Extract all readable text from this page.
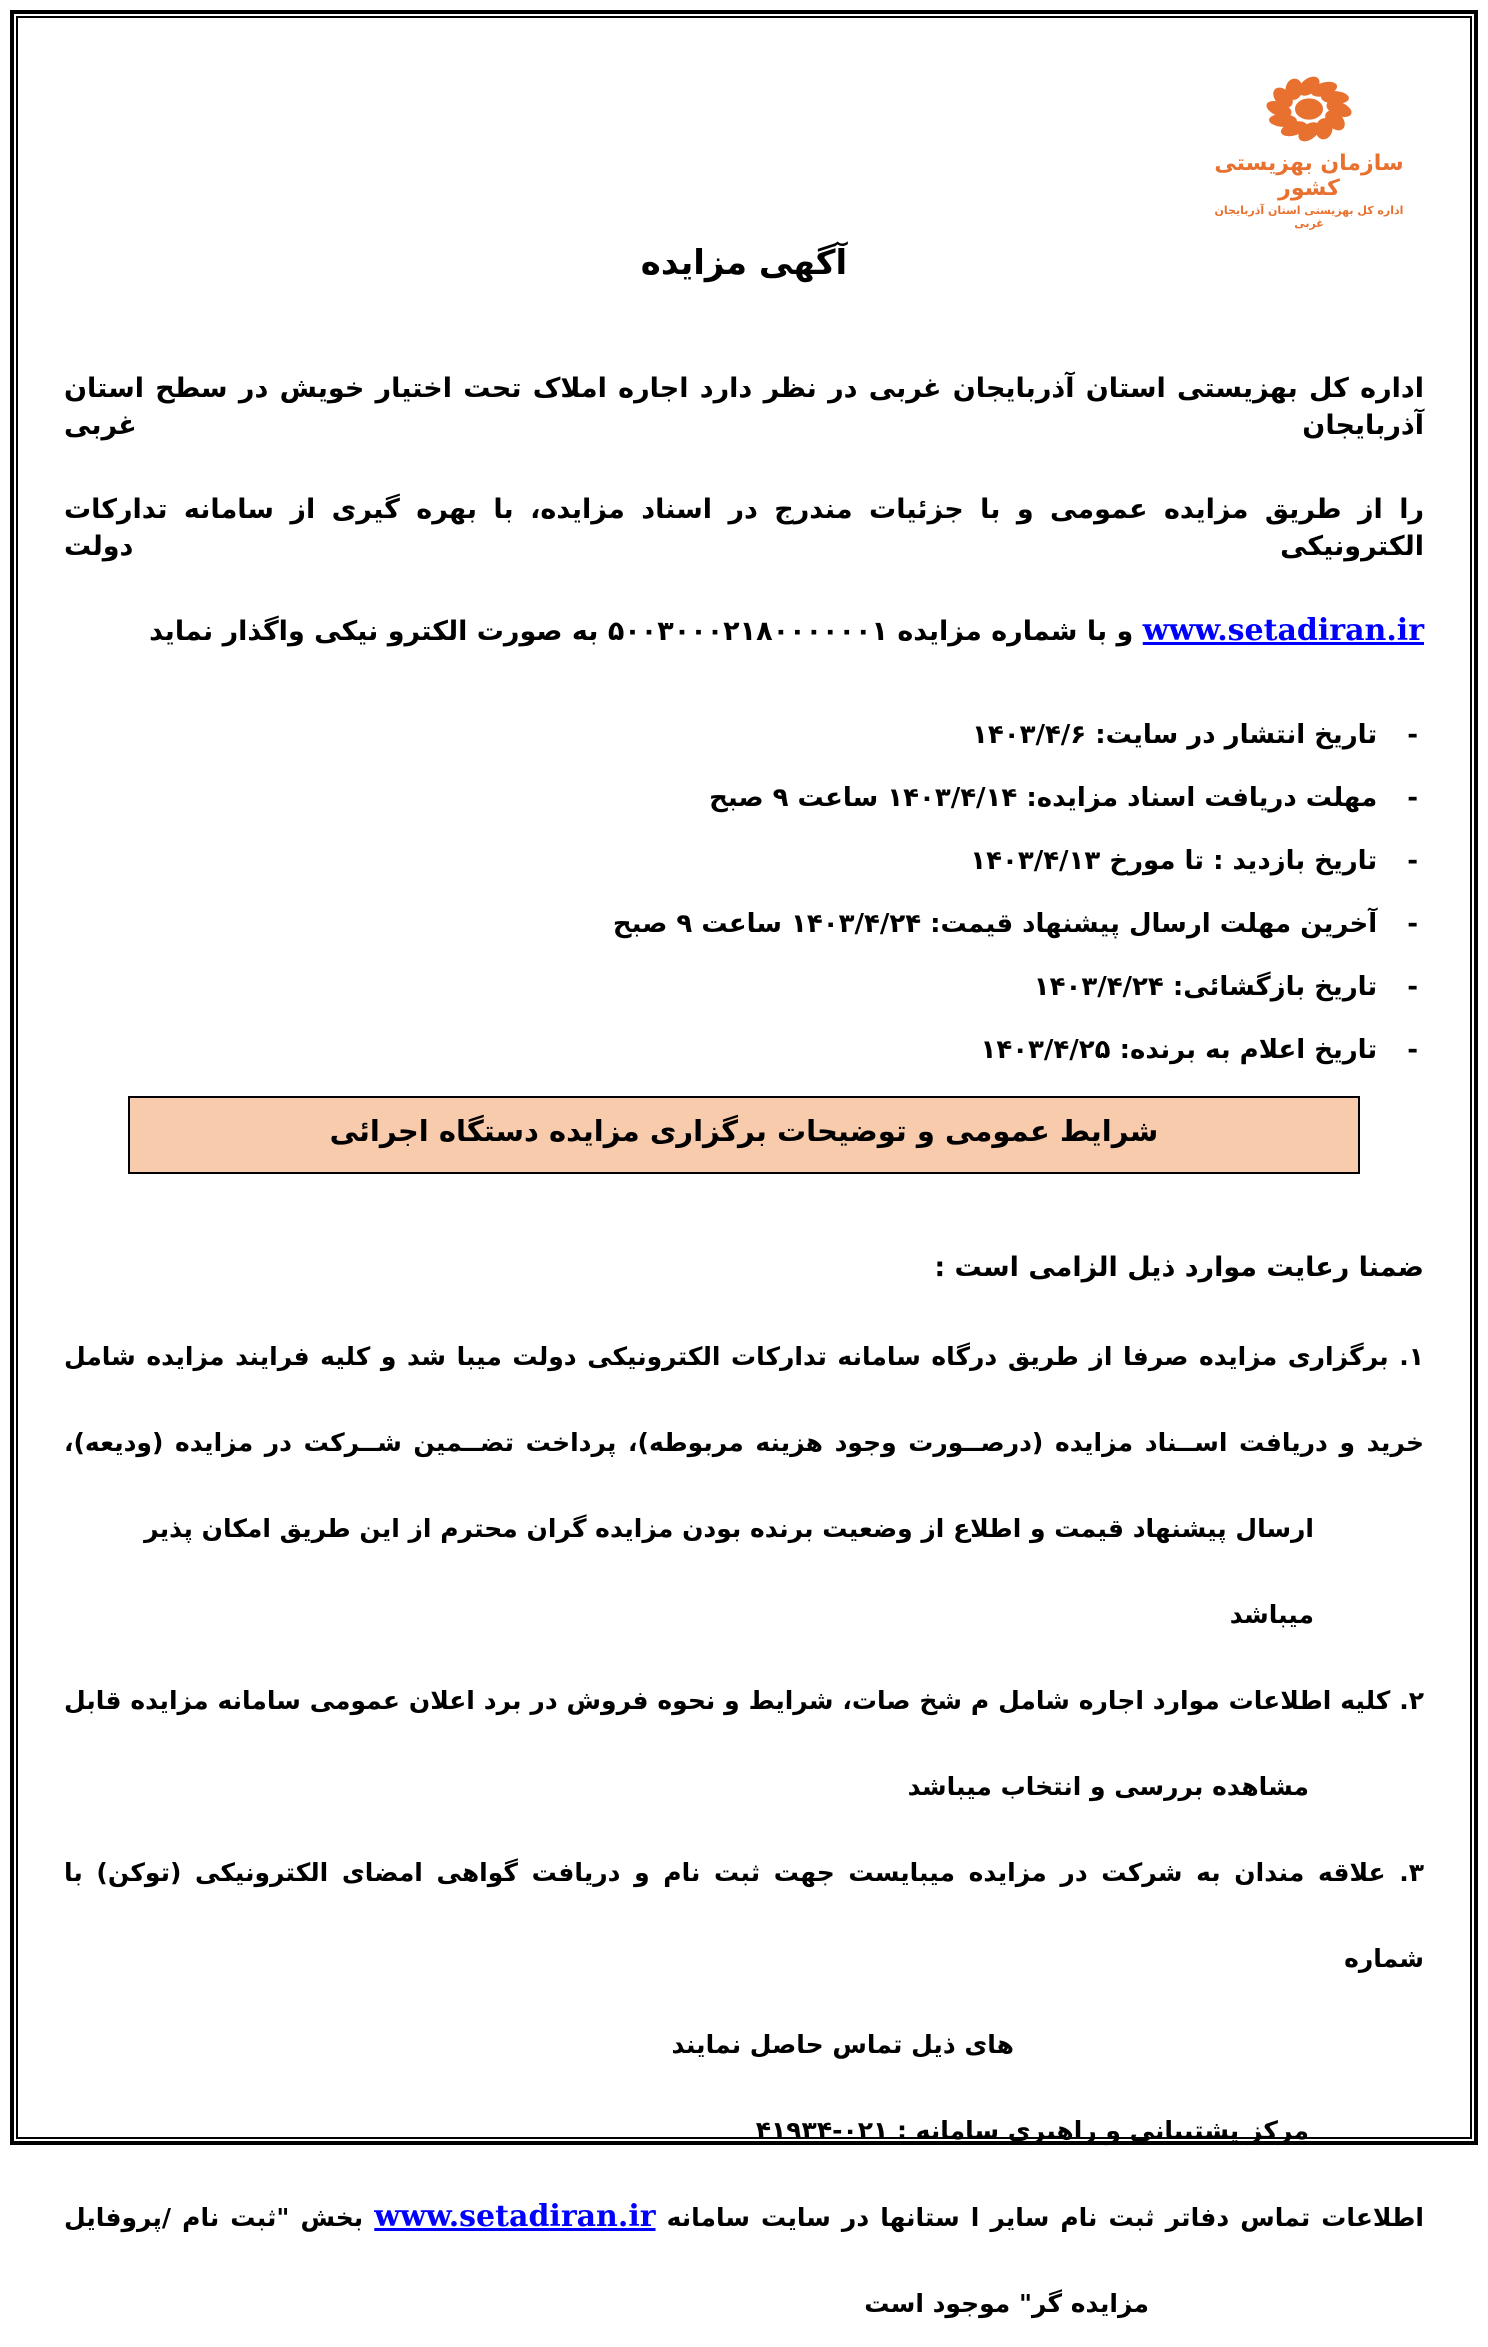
سازمان بهزیستی کشور
اداره کل بهزیستی استان آذربایجان غربی
آگهی مزایده
اداره کل بهزیستی استان آذربایجان غربی در نظر دارد اجاره املاک تحت اختیار خویش در سطح استان آذربایجان غربی
را از طریق مزایده عمومی و با جزئیات مندرج در اسناد مزایده، با بهره گیری از سامانه تدارکات الکترونیکی دولت
www.setadiran.ir و با شماره مزایده ۵۰۰۳۰۰۰۲۱۸۰۰۰۰۰۰۱ به صورت الکترو نیکی واگذار نماید
-تاریخ انتشار در سایت: ۱۴۰۳/۴/۶
-مهلت دریافت اسناد مزایده: ۱۴۰۳/۴/۱۴ ساعت ۹ صبح
-تاریخ بازدید : تا مورخ ۱۴۰۳/۴/۱۳
-آخرین مهلت ارسال پیشنهاد قیمت: ۱۴۰۳/۴/۲۴ ساعت ۹ صبح
-تاریخ بازگشائی: ۱۴۰۳/۴/۲۴
-تاریخ اعلام به برنده: ۱۴۰۳/۴/۲۵
شرایط عمومی و توضیحات برگزاری مزایده دستگاه اجرائی
ضمنا رعایت موارد ذیل الزامی است :
۱. برگزاری مزایده صرفا از طریق درگاه سامانه تدارکات الکترونیکی دولت میبا شد و کلیه فرایند مزایده شامل
خرید و دریافت اســناد مزایده (درصــورت وجود هزینه مربوطه)، پرداخت تضــمین شــرکت در مزایده (ودیعه)،
ارسال پیشنهاد قیمت و اطلاع از وضعیت برنده بودن مزایده گران محترم از این طریق امکان پذیر میباشد
۲. کلیه اطلاعات موارد اجاره شامل م شخ صات، شرایط و نحوه فروش در برد اعلان عمومی سامانه مزایده قابل
مشاهده بررسی و انتخاب میباشد
۳. علاقه مندان به شرکت در مزایده میبایست جهت ثبت نام و دریافت گواهی امضای الکترونیکی (توکن) با شماره
های ذیل تماس حاصل نمایند
مرکز پشتیبانی و راهبری سامانه : ۰۲۱-۴۱۹۳۴
اطلاعات تماس دفاتر ثبت نام سایر ا ستانها در سایت سامانه www.setadiran.ir بخش "ثبت نام /پروفایل
مزایده گر" موجود است
